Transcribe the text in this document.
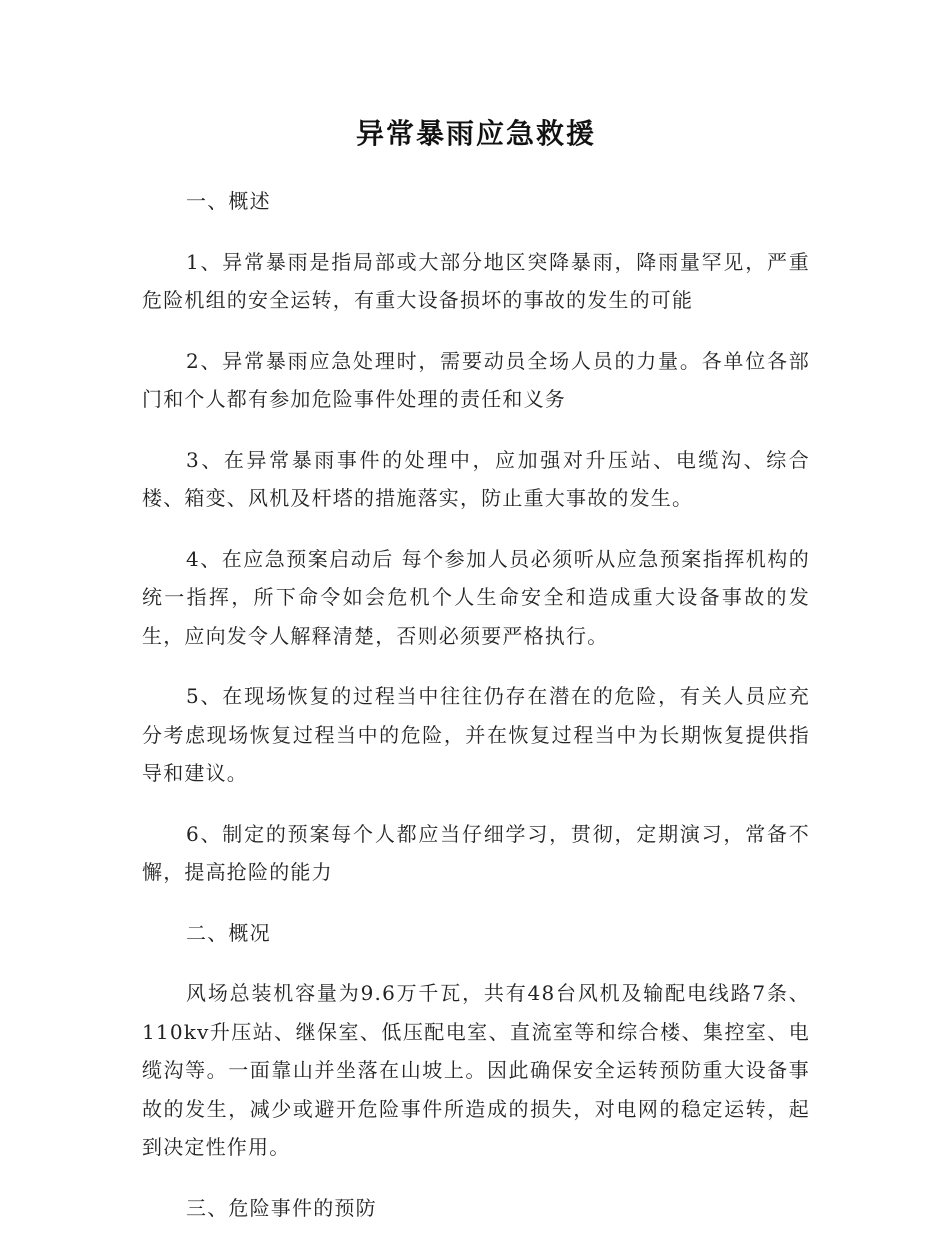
异常暴雨应急救援

一、概述

1、异常暴雨是指局部或大部分地区突降暴雨，降雨量罕见，严重危险机组的安全运转，有重大设备损坏的事故的发生的可能

2、异常暴雨应急处理时，需要动员全场人员的力量。各单位各部门和个人都有参加危险事件处理的责任和义务

3、在异常暴雨事件的处理中，应加强对升压站、电缆沟、综合楼、箱变、风机及杆塔的措施落实，防止重大事故的发生。

4、在应急预案启动后 每个参加人员必须听从应急预案指挥机构的统一指挥，所下命令如会危机个人生命安全和造成重大设备事故的发生，应向发令人解释清楚，否则必须要严格执行。

5、在现场恢复的过程当中往往仍存在潜在的危险，有关人员应充分考虑现场恢复过程当中的危险，并在恢复过程当中为长期恢复提供指导和建议。

6、制定的预案每个人都应当仔细学习，贯彻，定期演习，常备不懈，提高抢险的能力

二、概况

风场总装机容量为9.6万千瓦，共有48台风机及输配电线路7条、110kv升压站、继保室、低压配电室、直流室等和综合楼、集控室、电缆沟等。一面靠山并坐落在山坡上。因此确保安全运转预防重大设备事故的发生，减少或避开危险事件所造成的损失，对电网的稳定运转，起到决定性作用。

三、危险事件的预防
